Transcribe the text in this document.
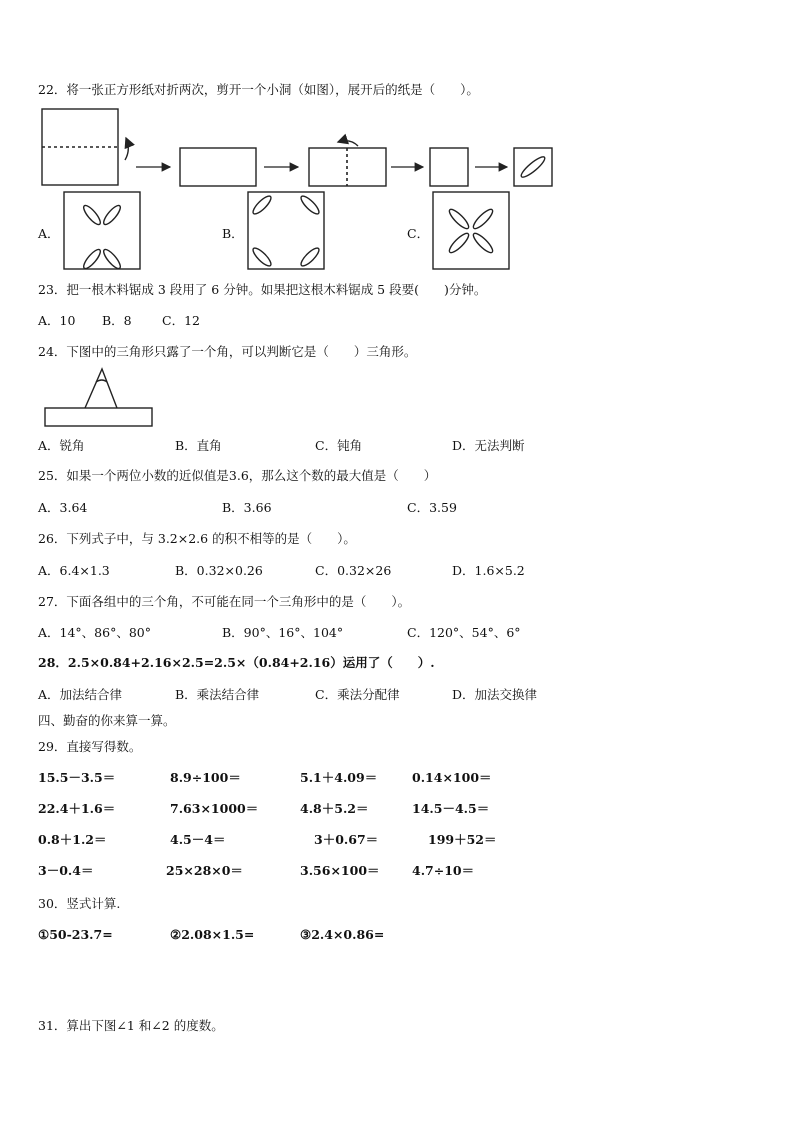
22．将一张正方形纸对折两次，剪开一个小洞（如图），展开后的纸是（　　）。
A．	B．	C．
23．把一根木料锯成 3 段用了 6 分钟。如果把这根木料锯成 5 段要(　　)分钟。
A．10 B．8 C．12
24．下图中的三角形只露了一个角，可以判断它是（　　）三角形。
A．锐角	B．直角	C．钝角	D．无法判断
25．如果一个两位小数的近似值是3.6，那么这个数的最大值是（　　）
A．3.64	B．3.66	C．3.59
26．下列式子中，与 3.2×2.6 的积不相等的是（　　）。
A．6.4×1.3	B．0.32×0.26	C．0.32×26	D．1.6×5.2
27．下面各组中的三个角，不可能在同一个三角形中的是（　　）。
A．14°、86°、80°	B．90°、16°、104°	C．120°、54°、6°
28．2.5×0.84+2.16×2.5=2.5×（0.84+2.16）运用了（　　）.
A．加法结合律	B．乘法结合律	C．乘法分配律	D．加法交换律
四、勤奋的你来算一算。
29．直接写得数。
15.5－3.5＝	8.9÷100＝	5.1＋4.09＝	0.14×100＝
22.4＋1.6＝	7.63×1000＝	4.8＋5.2＝	14.5－4.5＝
0.8＋1.2＝	4.5－4＝	3＋0.67＝	199＋52＝
3－0.4＝	25×28×0＝	3.56×100＝	4.7÷10＝
30．竖式计算.
①50-23.7=	②2.08×1.5=	③2.4×0.86=
31．算出下图∠1 和∠2 的度数。
